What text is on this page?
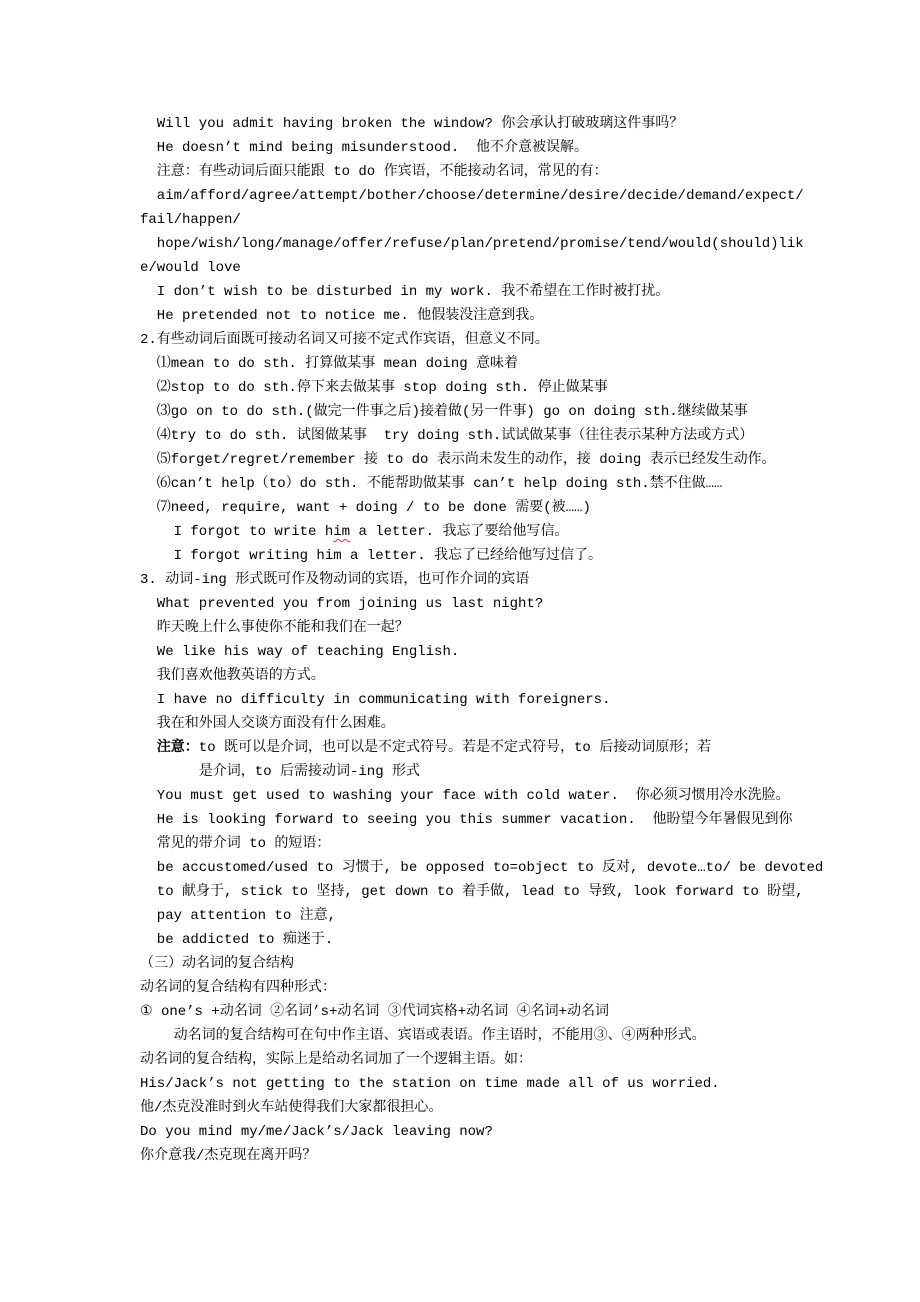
Will you admit having broken the window? 你会承认打破玻璃这件事吗？

He doesn’t mind being misunderstood.  他不介意被误解。

注意：有些动词后面只能跟 to do 作宾语，不能接动名词，常见的有：

aim/afford/agree/attempt/bother/choose/determine/desire/decide/demand/expect/

fail/happen/

hope/wish/long/manage/offer/refuse/plan/pretend/promise/tend/would(should)lik

e/would love

I don’t wish to be disturbed in my work. 我不希望在工作时被打扰。

He pretended not to notice me. 他假装没注意到我。

2.有些动词后面既可接动名词又可接不定式作宾语，但意义不同。

⑴mean to do sth. 打算做某事 mean doing 意味着

⑵stop to do sth.停下来去做某事 stop doing sth. 停止做某事

⑶go on to do sth.(做完一件事之后)接着做(另一件事) go on doing sth.继续做某事

⑷try to do sth. 试图做某事  try doing sth.试试做某事（往往表示某种方法或方式）

⑸forget/regret/remember 接 to do 表示尚未发生的动作，接 doing 表示已经发生动作。

⑹can’t help（to）do sth. 不能帮助做某事 can’t help doing sth.禁不住做……

⑺need, require, want + doing / to be done 需要(被……)

I forgot to write him a letter. 我忘了要给他写信。

I forgot writing him a letter. 我忘了已经给他写过信了。

3. 动词-ing 形式既可作及物动词的宾语，也可作介词的宾语

What prevented you from joining us last night?

昨天晚上什么事使你不能和我们在一起？

We like his way of teaching English.

我们喜欢他教英语的方式。

I have no difficulty in communicating with foreigners.

我在和外国人交谈方面没有什么困难。

注意：to 既可以是介词，也可以是不定式符号。若是不定式符号，to 后接动词原形；若

是介词，to 后需接动词-ing 形式

You must get used to washing your face with cold water.  你必须习惯用冷水洗脸。

He is looking forward to seeing you this summer vacation.  他盼望今年暑假见到你

常见的带介词 to 的短语：

be accustomed/used to 习惯于, be opposed to=object to 反对, devote…to/ be devoted

to 献身于, stick to 坚持, get down to 着手做, lead to 导致, look forward to 盼望,

pay attention to 注意,

be addicted to 痴迷于.

（三）动名词的复合结构

动名词的复合结构有四种形式：

① one’s +动名词 ②名词’s+动名词 ③代词宾格+动名词 ④名词+动名词

动名词的复合结构可在句中作主语、宾语或表语。作主语时，不能用③、④两种形式。

动名词的复合结构，实际上是给动名词加了一个逻辑主语。如：

His/Jack’s not getting to the station on time made all of us worried.

他/杰克没准时到火车站使得我们大家都很担心。

Do you mind my/me/Jack’s/Jack leaving now?

你介意我/杰克现在离开吗？
